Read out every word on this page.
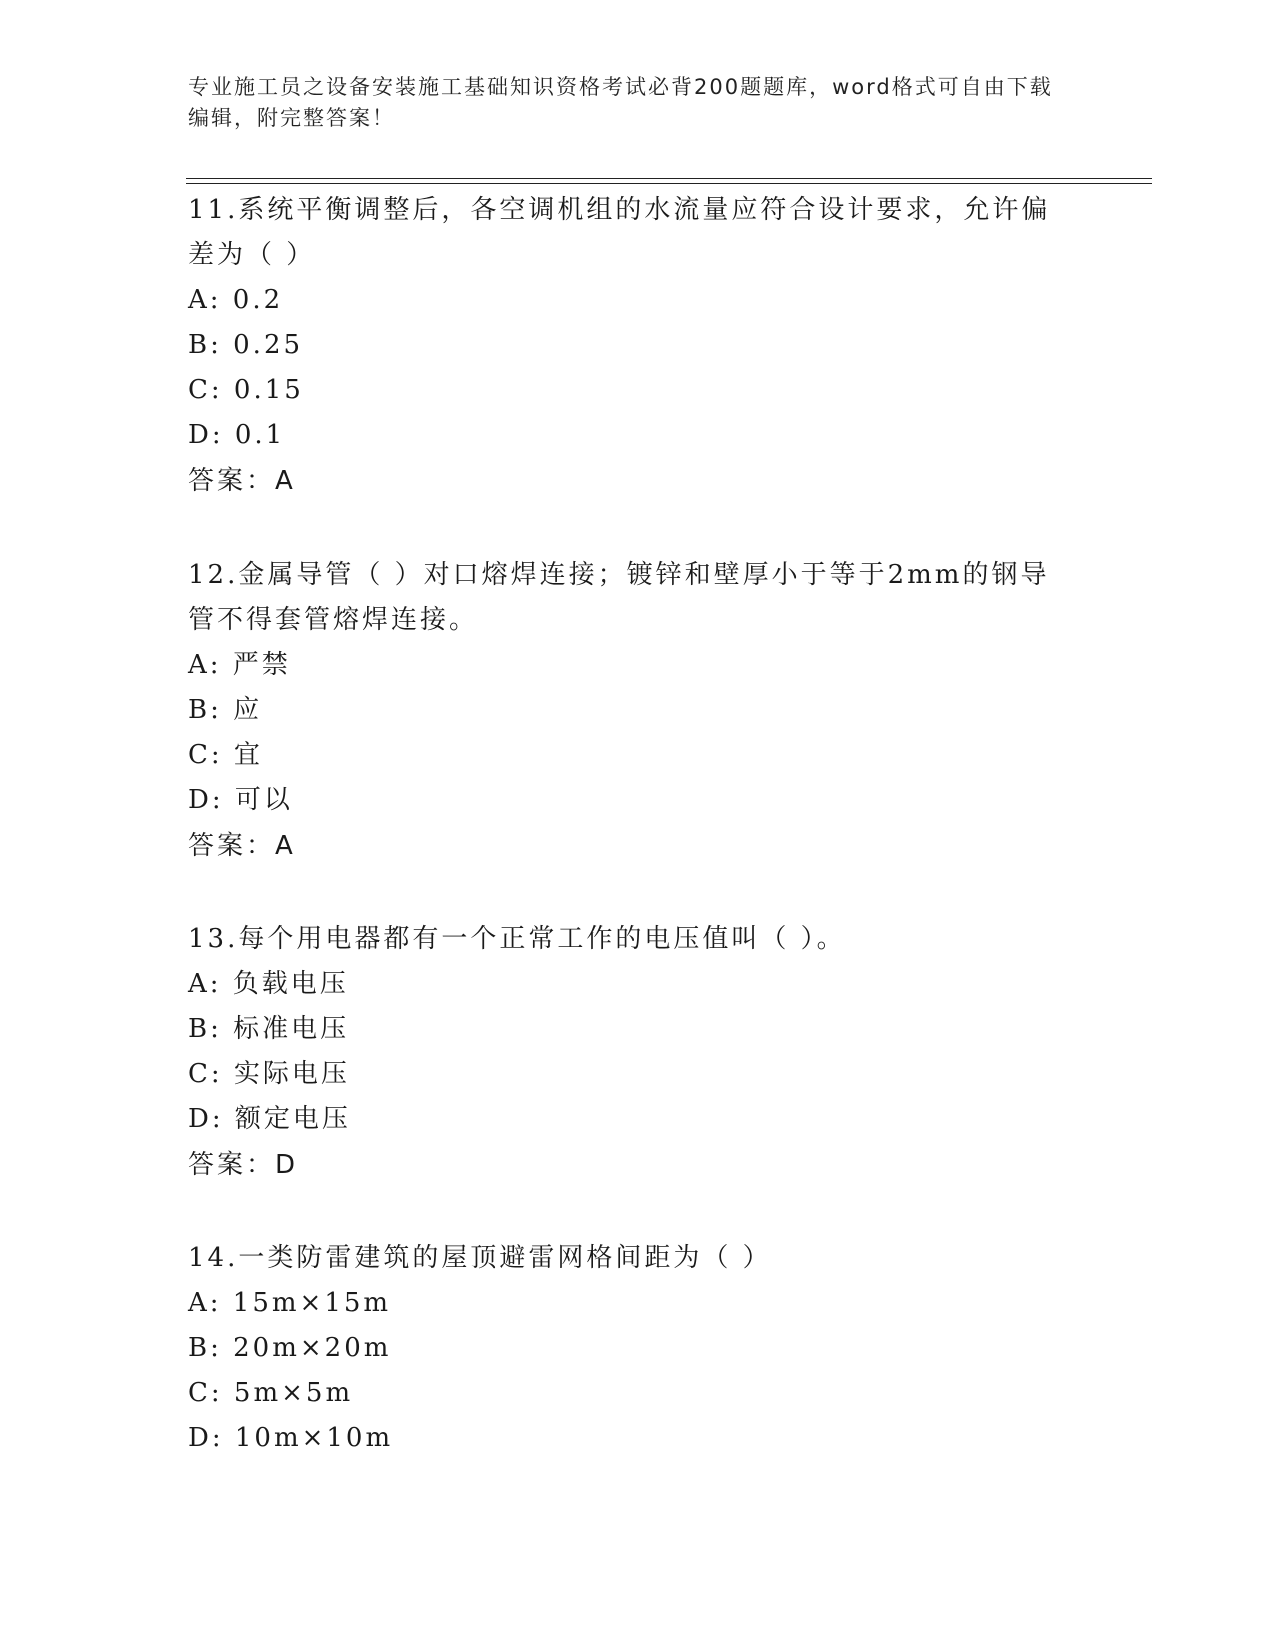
专业施工员之设备安装施工基础知识资格考试必背200题题库，word格式可自由下载编辑，附完整答案！
11.系统平衡调整后，各空调机组的水流量应符合设计要求，允许偏差为（ ）
A: 0.2
B: 0.25
C: 0.15
D: 0.1
答案：A
12.金属导管（ ）对口熔焊连接；镀锌和壁厚小于等于2mm的钢导管不得套管熔焊连接。
A: 严禁
B: 应
C: 宜
D: 可以
答案：A
13.每个用电器都有一个正常工作的电压值叫（ ）。
A: 负载电压
B: 标准电压
C: 实际电压
D: 额定电压
答案：D
14.一类防雷建筑的屋顶避雷网格间距为（ ）
A: 15m×15m
B: 20m×20m
C: 5m×5m
D: 10m×10m
